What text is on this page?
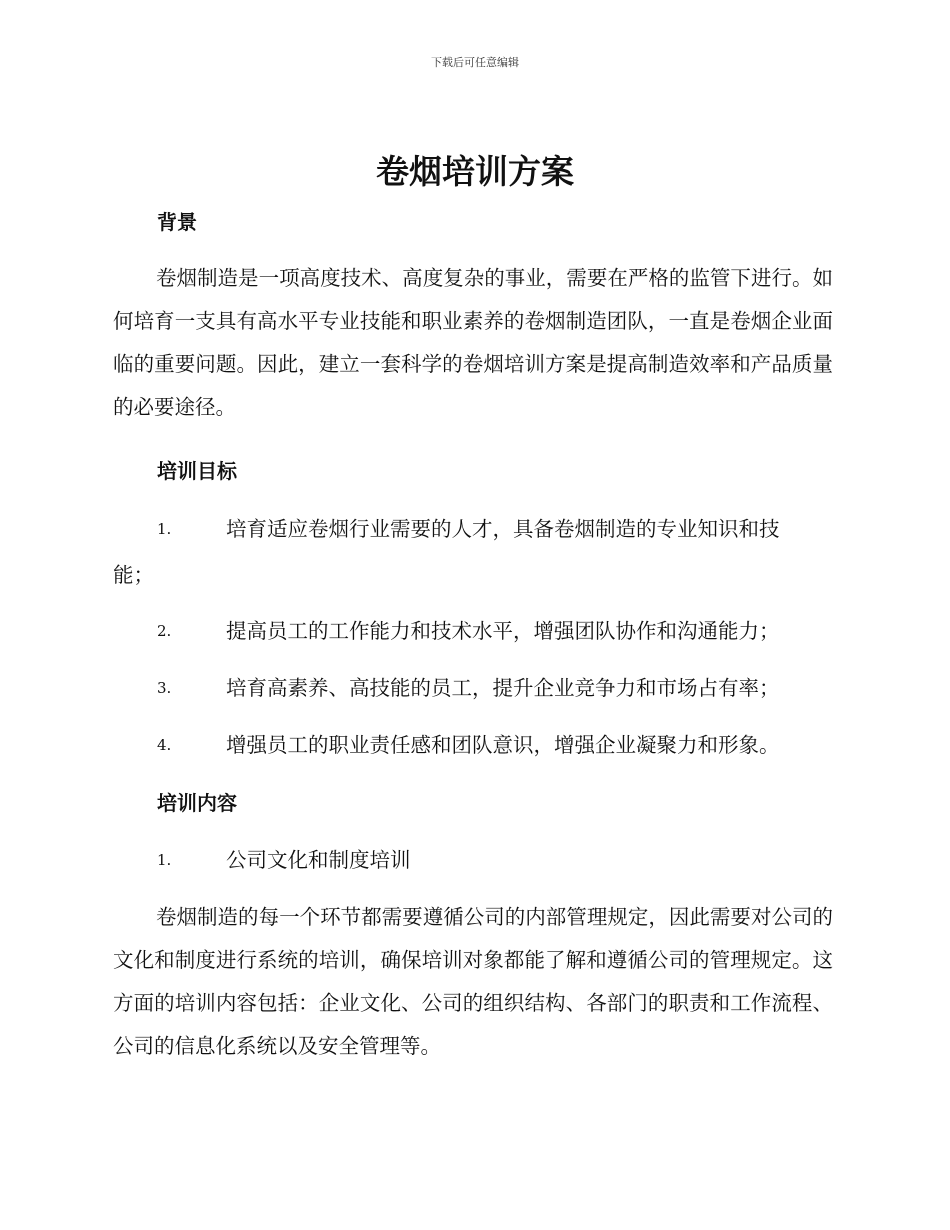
下载后可任意编辑
卷烟培训方案
背景

卷烟制造是一项高度技术、高度复杂的事业，需要在严格的监管下进行。如何培育一支具有高水平专业技能和职业素养的卷烟制造团队，一直是卷烟企业面临的重要问题。因此，建立一套科学的卷烟培训方案是提高制造效率和产品质量的必要途径。

培训目标
1.	培育适应卷烟行业需要的人才，具备卷烟制造的专业知识和技
能；
2.	提高员工的工作能力和技术水平，增强团队协作和沟通能力；
3.	培育高素养、高技能的员工，提升企业竞争力和市场占有率；
4.	增强员工的职业责任感和团队意识，增强企业凝聚力和形象。
培训内容
1.	公司文化和制度培训

卷烟制造的每一个环节都需要遵循公司的内部管理规定，因此需要对公司的文化和制度进行系统的培训，确保培训对象都能了解和遵循公司的管理规定。这方面的培训内容包括：企业文化、公司的组织结构、各部门的职责和工作流程、公司的信息化系统以及安全管理等。
